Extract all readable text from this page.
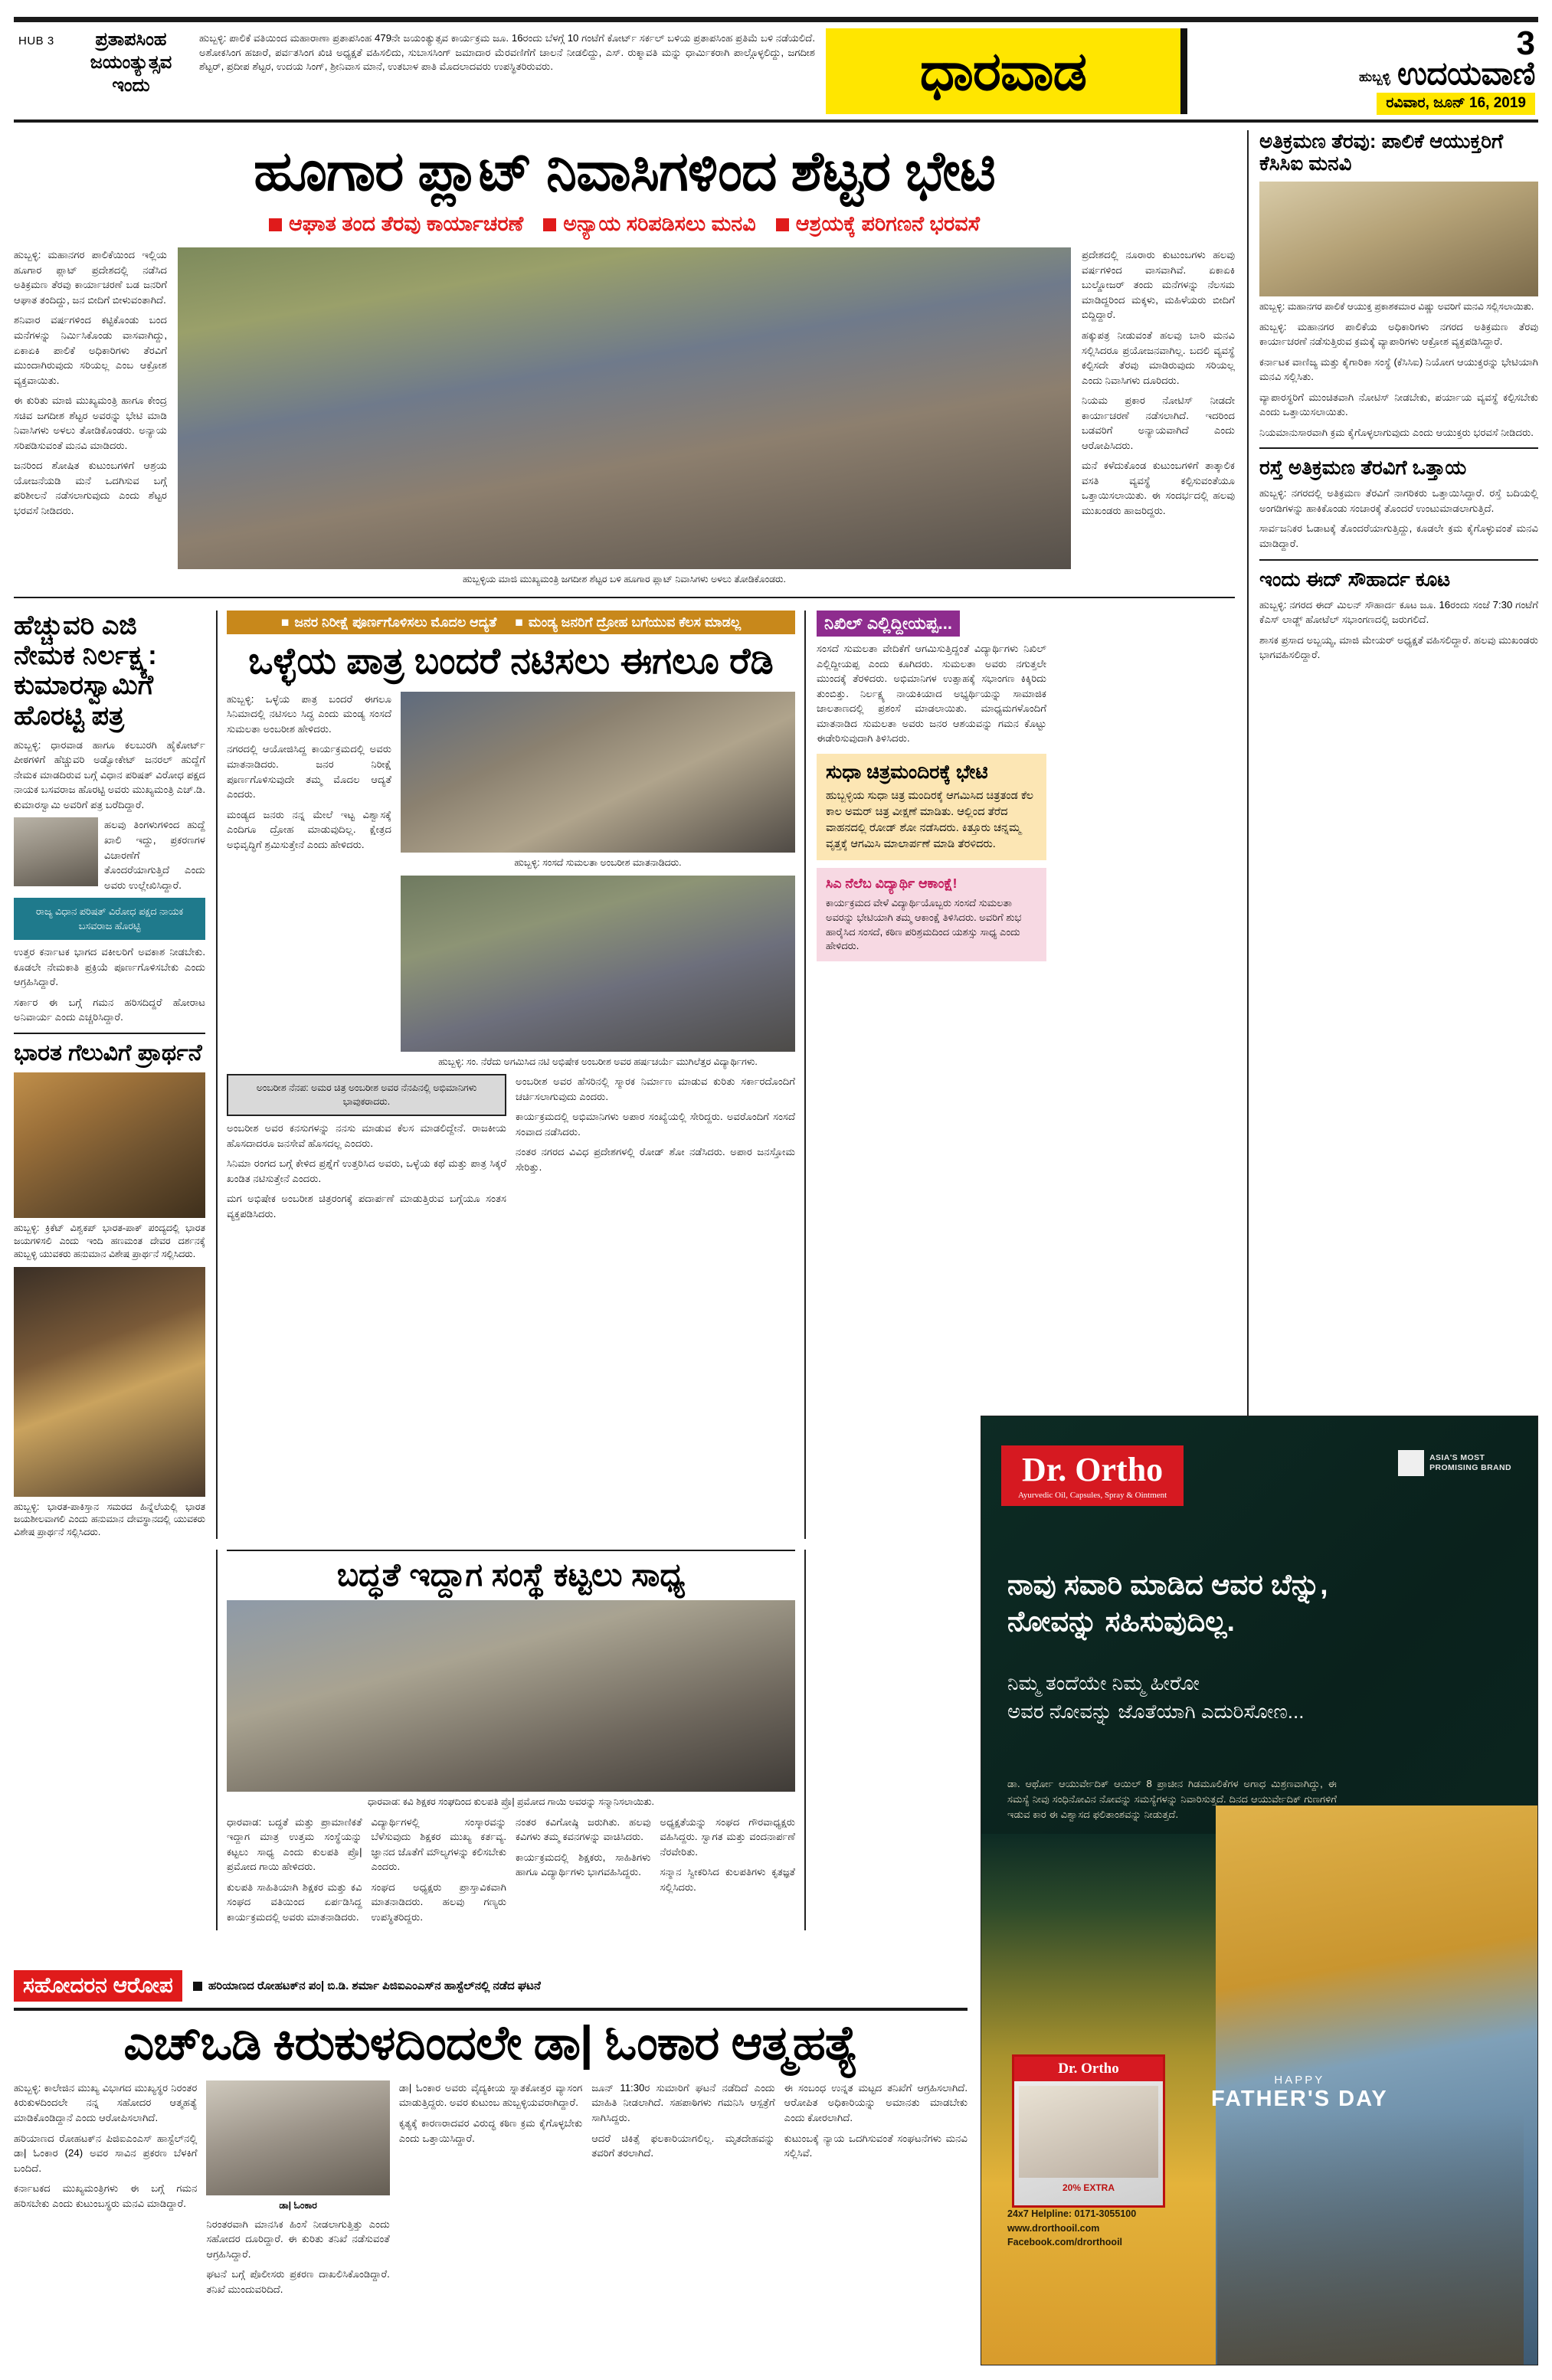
HUB 3	ಪ್ರತಾಪಸಿಂಹ
ಜಯಂತ್ಯುತ್ಸವ
ಇಂದು
ಹುಬ್ಬಳ್ಳಿ: ಪಾಲಿಕೆ ವತಿಯಿಂದ ಮಹಾರಾಣಾ ಪ್ರತಾಪಸಿಂಹ 479ನೇ ಜಯಂತ್ಯುತ್ಸವ ಕಾರ್ಯಕ್ರಮ ಜೂ. 16ರಂದು ಬೆಳಗ್ಗೆ 10 ಗಂಟೆಗೆ ಕೋರ್ಟ್ ಸರ್ಕಲ್ ಬಳಿಯ ಪ್ರತಾಪಸಿಂಹ ಪ್ರತಿಮೆ ಬಳಿ ನಡೆಯಲಿದೆ. ಅಶೋಕಸಿಂಗ ಹಜಾರೆ, ಪರ್ವತಸಿಂಗ ಖಿಚಿ ಅಧ್ಯಕ್ಷತೆ ವಹಿಸಲಿದು, ಸುಬಾಸಸಿಂಗ್ ಜಮಾದಾರ ಮೆರವಣಿಗೆಗೆ ಚಾಲನೆ ನೀಡಲಿದ್ದು, ಎಸ್. ರುಕ್ಮಾವತಿ ಮನ್ನು ಧಾರ್ಮಿಕರಾಗಿ ಪಾಲ್ಗೊಳ್ಳಲಿದ್ದು, ಜಗದೀಶ ಶೆಟ್ಟರ್, ಪ್ರದೀಪ ಶೆಟ್ಟರ, ಉದಯ ಸಿಂಗ್, ಶ್ರೀನಿವಾಸ ಮಾನೆ, ಉತಬಾಳ ಪಾತಿ ಮೊದಲಾದವರು ಉಪಸ್ಥಿತರಿರುವರು.	ಧಾರವಾಡ	3
ಹುಬ್ಬಳ್ಳಿ ಉದಯವಾಣಿ
ರವಿವಾರ, ಜೂನ್ 16, 2019
ಹೂಗಾರ ಪ್ಲಾಟ್ ನಿವಾಸಿಗಳಿಂದ ಶೆಟ್ಟರ ಭೇಟಿ
ಆಘಾತ ತಂದ ತೆರವು ಕಾರ್ಯಾಚರಣೆ	ಅನ್ಯಾಯ ಸರಿಪಡಿಸಲು ಮನವಿ	ಆಶ್ರಯಕ್ಕೆ ಪರಿಗಣನೆ ಭರವಸೆ

ಹುಬ್ಬಳ್ಳಿ: ಮಹಾನಗರ ಪಾಲಿಕೆಯಿಂದ ಇಲ್ಲಿಯ ಹೂಗಾರ ಪ್ಲಾಟ್ ಪ್ರದೇಶದಲ್ಲಿ ನಡೆಸಿದ ಅತಿಕ್ರಮಣ ತೆರವು ಕಾರ್ಯಾಚರಣೆ ಬಡ ಜನರಿಗೆ ಆಘಾತ ತಂದಿದ್ದು, ಜನ ಬೀದಿಗೆ ಬೀಳುವಂತಾಗಿದೆ.

ಶನಿವಾರ ವರ್ಷಗಳಿಂದ ಕಟ್ಟಿಕೊಂಡು ಬಂದ ಮನೆಗಳನ್ನು ನಿರ್ಮಿಸಿಕೊಂಡು ವಾಸವಾಗಿದ್ದು, ಏಕಾಏಕಿ ಪಾಲಿಕೆ ಅಧಿಕಾರಿಗಳು ತೆರವಿಗೆ ಮುಂದಾಗಿರುವುದು ಸರಿಯಲ್ಲ ಎಂಬ ಆಕ್ರೋಶ ವ್ಯಕ್ತವಾಯಿತು.

ಈ ಕುರಿತು ಮಾಜಿ ಮುಖ್ಯಮಂತ್ರಿ ಹಾಗೂ ಕೇಂದ್ರ ಸಚಿವ ಜಗದೀಶ ಶೆಟ್ಟರ ಅವರನ್ನು ಭೇಟಿ ಮಾಡಿ ನಿವಾಸಿಗಳು ಅಳಲು ತೋಡಿಕೊಂಡರು. ಅನ್ಯಾಯ ಸರಿಪಡಿಸುವಂತೆ ಮನವಿ ಮಾಡಿದರು.

ಜನರಿಂದ ಶೋಷಿತ ಕುಟುಂಬಗಳಿಗೆ ಆಶ್ರಯ ಯೋಜನೆಯಡಿ ಮನೆ ಒದಗಿಸುವ ಬಗ್ಗೆ ಪರಿಶೀಲನೆ ನಡೆಸಲಾಗುವುದು ಎಂದು ಶೆಟ್ಟರ ಭರವಸೆ ನೀಡಿದರು.

ಹುಬ್ಬಳ್ಳಿಯ ಮಾಜಿ ಮುಖ್ಯಮಂತ್ರಿ ಜಗದೀಶ ಶೆಟ್ಟರ ಬಳಿ ಹೂಗಾರ ಪ್ಲಾಟ್ ನಿವಾಸಿಗಳು ಅಳಲು ತೋಡಿಕೊಂಡರು.

ಪ್ರದೇಶದಲ್ಲಿ ನೂರಾರು ಕುಟುಂಬಗಳು ಹಲವು ವರ್ಷಗಳಿಂದ ವಾಸವಾಗಿವೆ. ಏಕಾಏಕಿ ಬುಲ್ಡೋಜರ್ ತಂದು ಮನೆಗಳನ್ನು ನೆಲಸಮ ಮಾಡಿದ್ದರಿಂದ ಮಕ್ಕಳು, ಮಹಿಳೆಯರು ಬೀದಿಗೆ ಬಿದ್ದಿದ್ದಾರೆ.

ಹಕ್ಕುಪತ್ರ ನೀಡುವಂತೆ ಹಲವು ಬಾರಿ ಮನವಿ ಸಲ್ಲಿಸಿದರೂ ಪ್ರಯೋಜನವಾಗಿಲ್ಲ. ಬದಲಿ ವ್ಯವಸ್ಥೆ ಕಲ್ಪಿಸದೇ ತೆರವು ಮಾಡಿರುವುದು ಸರಿಯಲ್ಲ ಎಂದು ನಿವಾಸಿಗಳು ದೂರಿದರು.

ನಿಯಮ ಪ್ರಕಾರ ನೋಟಿಸ್ ನೀಡದೇ ಕಾರ್ಯಾಚರಣೆ ನಡೆಸಲಾಗಿದೆ. ಇದರಿಂದ ಬಡವರಿಗೆ ಅನ್ಯಾಯವಾಗಿದೆ ಎಂದು ಆರೋಪಿಸಿದರು.

ಮನೆ ಕಳೆದುಕೊಂಡ ಕುಟುಂಬಗಳಿಗೆ ತಾತ್ಕಾಲಿಕ ವಸತಿ ವ್ಯವಸ್ಥೆ ಕಲ್ಪಿಸುವಂತೆಯೂ ಒತ್ತಾಯಿಸಲಾಯಿತು. ಈ ಸಂದರ್ಭದಲ್ಲಿ ಹಲವು ಮುಖಂಡರು ಹಾಜರಿದ್ದರು.

ಹೆಚ್ಚುವರಿ ಎಜಿ ನೇಮಕ ನಿರ್ಲಕ್ಷ್ಯ: ಕುಮಾರಸ್ವಾಮಿಗೆ ಹೊರಟ್ಟಿ ಪತ್ರ

ಹುಬ್ಬಳ್ಳಿ: ಧಾರವಾಡ ಹಾಗೂ ಕಲಬುರಗಿ ಹೈಕೋರ್ಟ್ ಪೀಠಗಳಿಗೆ ಹೆಚ್ಚುವರಿ ಅಡ್ವೋಕೇಟ್ ಜನರಲ್ ಹುದ್ದೆಗೆ ನೇಮಕ ಮಾಡದಿರುವ ಬಗ್ಗೆ ವಿಧಾನ ಪರಿಷತ್ ವಿರೋಧ ಪಕ್ಷದ ನಾಯಕ ಬಸವರಾಜ ಹೊರಟ್ಟಿ ಅವರು ಮುಖ್ಯಮಂತ್ರಿ ಎಚ್.ಡಿ. ಕುಮಾರಸ್ವಾಮಿ ಅವರಿಗೆ ಪತ್ರ ಬರೆದಿದ್ದಾರೆ.

ಹಲವು ತಿಂಗಳುಗಳಿಂದ ಹುದ್ದೆ ಖಾಲಿ ಇದ್ದು, ಪ್ರಕರಣಗಳ ವಿಚಾರಣೆಗೆ ತೊಂದರೆಯಾಗುತ್ತಿದೆ ಎಂದು ಅವರು ಉಲ್ಲೇಖಿಸಿದ್ದಾರೆ.

ರಾಜ್ಯ ವಿಧಾನ ಪರಿಷತ್ ವಿರೋಧ ಪಕ್ಷದ ನಾಯಕ ಬಸವರಾಜ ಹೊರಟ್ಟಿ

ಉತ್ತರ ಕರ್ನಾಟಕ ಭಾಗದ ವಕೀಲರಿಗೆ ಅವಕಾಶ ನೀಡಬೇಕು. ಕೂಡಲೇ ನೇಮಕಾತಿ ಪ್ರಕ್ರಿಯೆ ಪೂರ್ಣಗೊಳಿಸಬೇಕು ಎಂದು ಆಗ್ರಹಿಸಿದ್ದಾರೆ.

ಸರ್ಕಾರ ಈ ಬಗ್ಗೆ ಗಮನ ಹರಿಸದಿದ್ದರೆ ಹೋರಾಟ ಅನಿವಾರ್ಯ ಎಂದು ಎಚ್ಚರಿಸಿದ್ದಾರೆ.

ಭಾರತ ಗೆಲುವಿಗೆ ಪ್ರಾರ್ಥನೆ
ಹುಬ್ಬಳ್ಳಿ: ಕ್ರಿಕೆಟ್ ವಿಶ್ವಕಪ್ ಭಾರತ-ಪಾಕ್ ಪಂದ್ಯದಲ್ಲಿ ಭಾರತ ಜಯಗಳಿಸಲಿ ಎಂದು ಇಂದಿ ಹಣಮಂತ ದೇವರ ದರ್ಶನಕ್ಕೆ ಹುಬ್ಬಳ್ಳಿ ಯುವಕರು ಹನುಮಾನ ವಿಶೇಷ ಪ್ರಾರ್ಥನೆ ಸಲ್ಲಿಸಿದರು.
ಹುಬ್ಬಳ್ಳಿ: ಭಾರತ-ಪಾಕಿಸ್ತಾನ ಸಮರದ ಹಿನ್ನೆಲೆಯಲ್ಲಿ ಭಾರತ ಜಯಶೀಲವಾಗಲಿ ಎಂದು ಹನುಮಾನ ದೇವಸ್ಥಾನದಲ್ಲಿ ಯುವಕರು ವಿಶೇಷ ಪ್ರಾರ್ಥನೆ ಸಲ್ಲಿಸಿದರು.
■ ಜನರ ನಿರೀಕ್ಷೆ ಪೂರ್ಣಗೊಳಿಸಲು ಮೊದಲ ಆದ್ಯತೆ	■ ಮಂಡ್ಯ ಜನರಿಗೆ ದ್ರೋಹ ಬಗೆಯುವ ಕೆಲಸ ಮಾಡಲ್ಲ
ಒಳ್ಳೆಯ ಪಾತ್ರ ಬಂದರೆ ನಟಿಸಲು ಈಗಲೂ ರೆಡಿ

ಹುಬ್ಬಳ್ಳಿ: ಒಳ್ಳೆಯ ಪಾತ್ರ ಬಂದರೆ ಈಗಲೂ ಸಿನಿಮಾದಲ್ಲಿ ನಟಿಸಲು ಸಿದ್ಧ ಎಂದು ಮಂಡ್ಯ ಸಂಸದೆ ಸುಮಲತಾ ಅಂಬರೀಶ ಹೇಳಿದರು.

ನಗರದಲ್ಲಿ ಆಯೋಜಿಸಿದ್ದ ಕಾರ್ಯಕ್ರಮದಲ್ಲಿ ಅವರು ಮಾತನಾಡಿದರು. ಜನರ ನಿರೀಕ್ಷೆ ಪೂರ್ಣಗೊಳಿಸುವುದೇ ತಮ್ಮ ಮೊದಲ ಆದ್ಯತೆ ಎಂದರು.

ಮಂಡ್ಯದ ಜನರು ನನ್ನ ಮೇಲೆ ಇಟ್ಟ ವಿಶ್ವಾಸಕ್ಕೆ ಎಂದಿಗೂ ದ್ರೋಹ ಮಾಡುವುದಿಲ್ಲ. ಕ್ಷೇತ್ರದ ಅಭಿವೃದ್ಧಿಗೆ ಶ್ರಮಿಸುತ್ತೇನೆ ಎಂದು ಹೇಳಿದರು.

ಹುಬ್ಬಳ್ಳಿ: ಸಂಸದೆ ಸುಮಲತಾ ಅಂಬರೀಶ ಮಾತನಾಡಿದರು.
ಹುಬ್ಬಳ್ಳಿ: ಸಂ. ನೆರೆದು ಅಗಮಿಸಿದ ನಟಿ ಅಭಿಷೇಕ ಅಂಬರೀಶ ಅವರ ಹರ್ಷಚರ್ಯೆ ಮುಗಿಲೆತ್ತರ ವಿದ್ಯಾರ್ಥಿಗಳು.
ಅಂಬರೀಶ ನೆನಪ: ಅಮರ ಚಿತ್ರ ಅಂಬರೀಶ ಅವರ ನೆನಪಿನಲ್ಲಿ ಅಭಿಮಾನಿಗಳು ಭಾವುಕರಾದರು.

ಅಂಬರೀಶ ಅವರ ಕನಸುಗಳನ್ನು ನನಸು ಮಾಡುವ ಕೆಲಸ ಮಾಡಲಿದ್ದೇನೆ. ರಾಜಕೀಯ ಹೊಸದಾದರೂ ಜನಸೇವೆ ಹೊಸದಲ್ಲ ಎಂದರು.

ಸಿನಿಮಾ ರಂಗದ ಬಗ್ಗೆ ಕೇಳಿದ ಪ್ರಶ್ನೆಗೆ ಉತ್ತರಿಸಿದ ಅವರು, ಒಳ್ಳೆಯ ಕಥೆ ಮತ್ತು ಪಾತ್ರ ಸಿಕ್ಕರೆ ಖಂಡಿತ ನಟಿಸುತ್ತೇನೆ ಎಂದರು.

ಮಗ ಅಭಿಷೇಕ ಅಂಬರೀಶ ಚಿತ್ರರಂಗಕ್ಕೆ ಪದಾರ್ಪಣೆ ಮಾಡುತ್ತಿರುವ ಬಗ್ಗೆಯೂ ಸಂತಸ ವ್ಯಕ್ತಪಡಿಸಿದರು.

ಅಂಬರೀಶ ಅವರ ಹೆಸರಿನಲ್ಲಿ ಸ್ಮಾರಕ ನಿರ್ಮಾಣ ಮಾಡುವ ಕುರಿತು ಸರ್ಕಾರದೊಂದಿಗೆ ಚರ್ಚಿಸಲಾಗುವುದು ಎಂದರು.

ಕಾರ್ಯಕ್ರಮದಲ್ಲಿ ಅಭಿಮಾನಿಗಳು ಅಪಾರ ಸಂಖ್ಯೆಯಲ್ಲಿ ಸೇರಿದ್ದರು. ಅವರೊಂದಿಗೆ ಸಂಸದೆ ಸಂವಾದ ನಡೆಸಿದರು.

ನಂತರ ನಗರದ ವಿವಿಧ ಪ್ರದೇಶಗಳಲ್ಲಿ ರೋಡ್ ಶೋ ನಡೆಸಿದರು. ಅಪಾರ ಜನಸ್ತೋಮ ಸೇರಿತ್ತು.

ನಿಖಿಲ್ ಎಲ್ಲಿದ್ದೀಯಪ್ಪ...
ಸಂಸದೆ ಸುಮಲತಾ ವೇದಿಕೆಗೆ ಆಗಮಿಸುತ್ತಿದ್ದಂತೆ ವಿದ್ಯಾರ್ಥಿಗಳು ನಿಖಿಲ್ ಎಲ್ಲಿದ್ದೀಯಪ್ಪ ಎಂದು ಕೂಗಿದರು. ಸುಮಲತಾ ಅವರು ನಗುತ್ತಲೇ ಮುಂದಕ್ಕೆ ತೆರಳಿದರು. ಅಭಿಮಾನಿಗಳ ಉತ್ಸಾಹಕ್ಕೆ ಸಭಾಂಗಣ ಕಿಕ್ಕಿರಿದು ತುಂಬಿತ್ತು. ನಿರ್ಲಕ್ಷ್ಯ ನಾಯಕಿಯಾದ ಅಭ್ಯರ್ಥಿಯನ್ನು ಸಾಮಾಜಿಕ ಜಾಲತಾಣದಲ್ಲಿ ಪ್ರಶಂಸೆ ಮಾಡಲಾಯಿತು. ಮಾಧ್ಯಮಗಳೊಂದಿಗೆ ಮಾತನಾಡಿದ ಸುಮಲತಾ ಅವರು ಜನರ ಆಶಯವನ್ನು ಗಮನ ಕೊಟ್ಟು ಈಡೇರಿಸುವುದಾಗಿ ತಿಳಿಸಿದರು.
ಸುಧಾ ಚಿತ್ರಮಂದಿರಕ್ಕೆ ಭೇಟಿ

ಹುಬ್ಬಳ್ಳಿಯ ಸುಧಾ ಚಿತ್ರ ಮಂದಿರಕ್ಕೆ ಆಗಮಿಸಿದ ಚಿತ್ರತಂಡ ಕೆಲ ಕಾಲ ಅಮರ್ ಚಿತ್ರ ವೀಕ್ಷಣೆ ಮಾಡಿತು. ಆಲ್ಲಿಂದ ತೆರೆದ ವಾಹನದಲ್ಲಿ ರೋಡ್ ಶೋ ನಡೆಸಿದರು. ಕಿತ್ತೂರು ಚನ್ನಮ್ಮ ವೃತ್ತಕ್ಕೆ ಆಗಮಿಸಿ ಮಾಲಾರ್ಪಣೆ ಮಾಡಿ ತೆರಳಿದರು.

ಸಿಎ ನೆಲೆಬ ವಿದ್ಯಾರ್ಥಿ ಆಕಾಂಕ್ಷೆ!

ಕಾರ್ಯಕ್ರಮದ ವೇಳೆ ವಿದ್ಯಾರ್ಥಿಯೊಬ್ಬರು ಸಂಸದೆ ಸುಮಲತಾ ಅವರನ್ನು ಭೇಟಿಯಾಗಿ ತಮ್ಮ ಆಕಾಂಕ್ಷೆ ತಿಳಿಸಿದರು. ಅವರಿಗೆ ಶುಭ ಹಾರೈಸಿದ ಸಂಸದೆ, ಕಠಿಣ ಪರಿಶ್ರಮದಿಂದ ಯಶಸ್ಸು ಸಾಧ್ಯ ಎಂದು ಹೇಳಿದರು.

ಬದ್ಧತೆ ಇದ್ದಾಗ ಸಂಸ್ಥೆ ಕಟ್ಟಲು ಸಾಧ್ಯ
ಧಾರವಾಡ: ಕವಿ ಶಿಕ್ಷಕರ ಸಂಘದಿಂದ ಕುಲಪತಿ ಪ್ರೊ| ಪ್ರಮೋದ ಗಾಯಿ ಅವರನ್ನು ಸನ್ಮಾನಿಸಲಾಯಿತು.

ಧಾರವಾಡ: ಬದ್ಧತೆ ಮತ್ತು ಪ್ರಾಮಾಣಿಕತೆ ಇದ್ದಾಗ ಮಾತ್ರ ಉತ್ತಮ ಸಂಸ್ಥೆಯನ್ನು ಕಟ್ಟಲು ಸಾಧ್ಯ ಎಂದು ಕುಲಪತಿ ಪ್ರೊ| ಪ್ರಮೋದ ಗಾಯಿ ಹೇಳಿದರು.

ಕುಲಪತಿ ಸಾಹಿತಿಯಾಗಿ ಶಿಕ್ಷಕರ ಮತ್ತು ಕವಿ ಸಂಘದ ವತಿಯಿಂದ ಏರ್ಪಡಿಸಿದ್ದ ಕಾರ್ಯಕ್ರಮದಲ್ಲಿ ಅವರು ಮಾತನಾಡಿದರು.

ವಿದ್ಯಾರ್ಥಿಗಳಲ್ಲಿ ಸಂಸ್ಕಾರವನ್ನು ಬೆಳೆಸುವುದು ಶಿಕ್ಷಕರ ಮುಖ್ಯ ಕರ್ತವ್ಯ. ಜ್ಞಾನದ ಜೊತೆಗೆ ಮೌಲ್ಯಗಳನ್ನು ಕಲಿಸಬೇಕು ಎಂದರು.

ಸಂಘದ ಅಧ್ಯಕ್ಷರು ಪ್ರಾಸ್ತಾವಿಕವಾಗಿ ಮಾತನಾಡಿದರು. ಹಲವು ಗಣ್ಯರು ಉಪಸ್ಥಿತರಿದ್ದರು.

ನಂತರ ಕವಿಗೋಷ್ಠಿ ಜರುಗಿತು. ಹಲವು ಕವಿಗಳು ತಮ್ಮ ಕವನಗಳನ್ನು ವಾಚಿಸಿದರು.

ಕಾರ್ಯಕ್ರಮದಲ್ಲಿ ಶಿಕ್ಷಕರು, ಸಾಹಿತಿಗಳು ಹಾಗೂ ವಿದ್ಯಾರ್ಥಿಗಳು ಭಾಗವಹಿಸಿದ್ದರು.

ಅಧ್ಯಕ್ಷತೆಯನ್ನು ಸಂಘದ ಗೌರವಾಧ್ಯಕ್ಷರು ವಹಿಸಿದ್ದರು. ಸ್ವಾಗತ ಮತ್ತು ವಂದನಾರ್ಪಣೆ ನೆರವೇರಿತು.

ಸನ್ಮಾನ ಸ್ವೀಕರಿಸಿದ ಕುಲಪತಿಗಳು ಕೃತಜ್ಞತೆ ಸಲ್ಲಿಸಿದರು.

ಅತಿಕ್ರಮಣ ತೆರವು: ಪಾಲಿಕೆ ಆಯುಕ್ತರಿಗೆ ಕೆಸಿಸಿಐ ಮನವಿ
ಹುಬ್ಬಳ್ಳಿ: ಮಹಾನಗರ ಪಾಲಿಕೆ ಆಯುಕ್ತ ಪ್ರಕಾಶಕಮಾರ ವಿಷ್ಣು ಅವರಿಗೆ ಮನವಿ ಸಲ್ಲಿಸಲಾಯಿತು.

ಹುಬ್ಬಳ್ಳಿ: ಮಹಾನಗರ ಪಾಲಿಕೆಯ ಅಧಿಕಾರಿಗಳು ನಗರದ ಅತಿಕ್ರಮಣ ತೆರವು ಕಾರ್ಯಾಚರಣೆ ನಡೆಸುತ್ತಿರುವ ಕ್ರಮಕ್ಕೆ ವ್ಯಾಪಾರಿಗಳು ಆಕ್ರೋಶ ವ್ಯಕ್ತಪಡಿಸಿದ್ದಾರೆ.

ಕರ್ನಾಟಕ ವಾಣಿಜ್ಯ ಮತ್ತು ಕೈಗಾರಿಕಾ ಸಂಸ್ಥೆ (ಕೆಸಿಸಿಐ) ನಿಯೋಗ ಆಯುಕ್ತರನ್ನು ಭೇಟಿಯಾಗಿ ಮನವಿ ಸಲ್ಲಿಸಿತು.

ವ್ಯಾಪಾರಸ್ಥರಿಗೆ ಮುಂಚಿತವಾಗಿ ನೋಟಿಸ್ ನೀಡಬೇಕು, ಪರ್ಯಾಯ ವ್ಯವಸ್ಥೆ ಕಲ್ಪಿಸಬೇಕು ಎಂದು ಒತ್ತಾಯಿಸಲಾಯಿತು.

ನಿಯಮಾನುಸಾರವಾಗಿ ಕ್ರಮ ಕೈಗೊಳ್ಳಲಾಗುವುದು ಎಂದು ಆಯುಕ್ತರು ಭರವಸೆ ನೀಡಿದರು.

ರಸ್ತೆ ಅತಿಕ್ರಮಣ ತೆರವಿಗೆ ಒತ್ತಾಯ

ಹುಬ್ಬಳ್ಳಿ: ನಗರದಲ್ಲಿ ಅತಿಕ್ರಮಣ ತೆರವಿಗೆ ನಾಗರಿಕರು ಒತ್ತಾಯಿಸಿದ್ದಾರೆ. ರಸ್ತೆ ಬದಿಯಲ್ಲಿ ಅಂಗಡಿಗಳನ್ನು ಹಾಕಿಕೊಂಡು ಸಂಚಾರಕ್ಕೆ ತೊಂದರೆ ಉಂಟುಮಾಡಲಾಗುತ್ತಿದೆ.

ಸಾರ್ವಜನಿಕರ ಓಡಾಟಕ್ಕೆ ತೊಂದರೆಯಾಗುತ್ತಿದ್ದು, ಕೂಡಲೇ ಕ್ರಮ ಕೈಗೊಳ್ಳುವಂತೆ ಮನವಿ ಮಾಡಿದ್ದಾರೆ.

ಇಂದು ಈದ್ ಸೌಹಾರ್ದ ಕೂಟ

ಹುಬ್ಬಳ್ಳಿ: ನಗರದ ಈದ್ ಮಿಲನ್ ಸೌಹಾರ್ದ ಕೂಟ ಜೂ. 16ರಂದು ಸಂಜೆ 7:30 ಗಂಟೆಗೆ ಕೆಎಸ್ ಲಾಡ್ಜ್ ಹೋಟೆಲ್ ಸಭಾಂಗಣದಲ್ಲಿ ಜರುಗಲಿದೆ.

ಶಾಸಕ ಪ್ರಸಾದ ಅಬ್ಬಯ್ಯ, ಮಾಜಿ ಮೇಯರ್ ಅಧ್ಯಕ್ಷತೆ ವಹಿಸಲಿದ್ದಾರೆ. ಹಲವು ಮುಖಂಡರು ಭಾಗವಹಿಸಲಿದ್ದಾರೆ.

Dr. Ortho
Ayurvedic Oil, Capsules, Spray & Ointment
ASIA'S MOST
PROMISING BRAND
ನಾವು ಸವಾರಿ ಮಾಡಿದ ಆವರ ಬೆನ್ನು,
ನೋವನ್ನು ಸಹಿಸುವುದಿಲ್ಲ.
ನಿಮ್ಮ ತಂದೆಯೇ ನಿಮ್ಮ ಹೀರೋ
ಅವರ ನೋವನ್ನು ಜೊತೆಯಾಗಿ ಎದುರಿಸೋಣ...
ಡಾ. ಆರ್ಥೋ ಆಯುರ್ವೇದಿಕ್ ಆಯಿಲ್ 8 ಪ್ರಾಚೀನ ಗಿಡಮೂಲಿಕೆಗಳ ಅಗಾಧ ಮಿಶ್ರಣವಾಗಿದ್ದು, ಈ ಸಮಸ್ಯೆ ನೀವು ಸಂಧಿನೋವಿನ ನೋವನ್ನು ಸಮಸ್ಯೆಗಳನ್ನು ನಿವಾರಿಸುತ್ತದೆ. ದಿನದ ಆಯುರ್ವೇದಿಕ್ ಗುಣಗಳಿಗೆ ಇಡುವ ಕಾರ ಈ ವಿಶ್ವಾಸದ ಫಲಿತಾಂಶವನ್ನು ನೀಡುತ್ತದೆ.
HAPPY
FATHER'S DAY
Dr. Ortho
20% EXTRA
24x7 Helpline: 0171-3055100
www.drorthooil.com
Facebook.com/drorthooil
ಸಹೋದರನ ಆರೋಪ	ಹರಿಯಾಣದ ರೋಹಟಕ್‌ನ ಪಂ| ಬಿ.ಡಿ. ಶರ್ಮಾ ಪಿಜಿಐಎಂಎಸ್‌ನ ಹಾಸ್ಟೆಲ್‌ನಲ್ಲಿ ನಡೆದ ಘಟನೆ
ಎಚ್‌ಒಡಿ ಕಿರುಕುಳದಿಂದಲೇ ಡಾ| ಓಂಕಾರ ಆತ್ಮಹತ್ಯೆ

ಹುಬ್ಬಳ್ಳಿ: ಕಾಲೇಜಿನ ಮುಖ್ಯ ವಿಭಾಗದ ಮುಖ್ಯಸ್ಥರ ನಿರಂತರ ಕಿರುಕುಳದಿಂದಲೇ ನನ್ನ ಸಹೋದರ ಆತ್ಮಹತ್ಯೆ ಮಾಡಿಕೊಂಡಿದ್ದಾನೆ ಎಂದು ಆರೋಪಿಸಲಾಗಿದೆ.

ಹರಿಯಾಣದ ರೋಹಟಕ್‌ನ ಪಿಜಿಐಎಂಎಸ್ ಹಾಸ್ಟೆಲ್‌ನಲ್ಲಿ ಡಾ| ಓಂಕಾರ (24) ಅವರ ಸಾವಿನ ಪ್ರಕರಣ ಬೆಳಕಿಗೆ ಬಂದಿದೆ.

ಕರ್ನಾಟಕದ ಮುಖ್ಯಮಂತ್ರಿಗಳು ಈ ಬಗ್ಗೆ ಗಮನ ಹರಿಸಬೇಕು ಎಂದು ಕುಟುಂಬಸ್ಥರು ಮನವಿ ಮಾಡಿದ್ದಾರೆ.	ಡಾ| ಓಂಕಾರ

ನಿರಂತರವಾಗಿ ಮಾನಸಿಕ ಹಿಂಸೆ ನೀಡಲಾಗುತ್ತಿತ್ತು ಎಂದು ಸಹೋದರ ದೂರಿದ್ದಾರೆ. ಈ ಕುರಿತು ತನಿಖೆ ನಡೆಸುವಂತೆ ಆಗ್ರಹಿಸಿದ್ದಾರೆ.

ಘಟನೆ ಬಗ್ಗೆ ಪೊಲೀಸರು ಪ್ರಕರಣ ದಾಖಲಿಸಿಕೊಂಡಿದ್ದಾರೆ. ತನಿಖೆ ಮುಂದುವರಿದಿದೆ.

ಡಾ| ಓಂಕಾರ ಅವರು ವೈದ್ಯಕೀಯ ಸ್ನಾತಕೋತ್ತರ ವ್ಯಾಸಂಗ ಮಾಡುತ್ತಿದ್ದರು. ಅವರ ಕುಟುಂಬ ಹುಬ್ಬಳ್ಳಿಯವರಾಗಿದ್ದಾರೆ.

ಕೃತ್ಯಕ್ಕೆ ಕಾರಣರಾದವರ ವಿರುದ್ಧ ಕಠಿಣ ಕ್ರಮ ಕೈಗೊಳ್ಳಬೇಕು ಎಂದು ಒತ್ತಾಯಿಸಿದ್ದಾರೆ.

ಜೂನ್ 11:30ರ ಸುಮಾರಿಗೆ ಘಟನೆ ನಡೆದಿದೆ ಎಂದು ಮಾಹಿತಿ ನೀಡಲಾಗಿದೆ. ಸಹಪಾಠಿಗಳು ಗಮನಿಸಿ ಆಸ್ಪತ್ರೆಗೆ ಸಾಗಿಸಿದ್ದರು.

ಆದರೆ ಚಿಕಿತ್ಸೆ ಫಲಕಾರಿಯಾಗಲಿಲ್ಲ. ಮೃತದೇಹವನ್ನು ತವರಿಗೆ ತರಲಾಗಿದೆ.

ಈ ಸಂಬಂಧ ಉನ್ನತ ಮಟ್ಟದ ತನಿಖೆಗೆ ಆಗ್ರಹಿಸಲಾಗಿದೆ. ಆರೋಪಿತ ಅಧಿಕಾರಿಯನ್ನು ಅಮಾನತು ಮಾಡಬೇಕು ಎಂದು ಕೋರಲಾಗಿದೆ.

ಕುಟುಂಬಕ್ಕೆ ನ್ಯಾಯ ಒದಗಿಸುವಂತೆ ಸಂಘಟನೆಗಳು ಮನವಿ ಸಲ್ಲಿಸಿವೆ.
